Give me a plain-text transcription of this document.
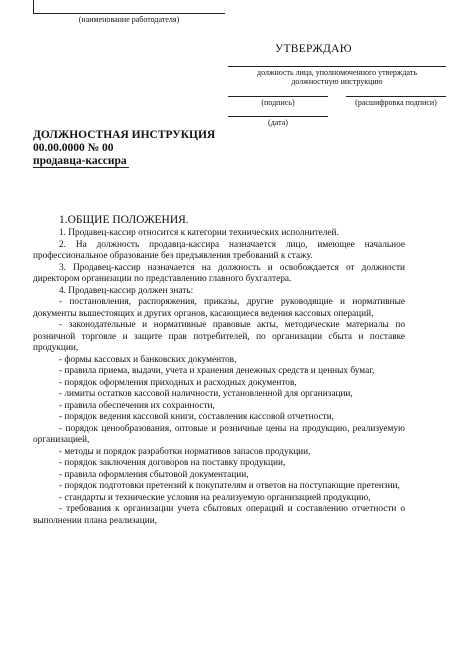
(наименование работодателя)
УТВЕРЖДАЮ
должность лица, уполномоченного утверждать
должностную инструкцию
(подпись)	(расшифровка подписи)
(дата)
ДОЛЖНОСТНАЯ ИНСТРУКЦИЯ
00.00.0000 № 00
продавца-кассира
1.ОБЩИЕ ПОЛОЖЕНИЯ.

1. Продавец-кассир относится к категории технических исполнителей.

2. На должность продавца-кассира назначается лицо, имеющее начальное профессиональное образование без предъявления требований к стажу.

3. Продавец-кассир назначается на должность и освобождается от должности директором организации по представлению главного бухгалтера.

4. Продавец-кассир должен знать:

- постановления, распоряжения, приказы, другие руководящие и нормативные документы вышестоящих и других органов, касающиеся ведения кассовых операций,

- законодательные и нормативные правовые акты, методические материалы по розничной торговле и защите прав потребителей, по организации сбыта и поставке продукции,

- формы кассовых и банковских документов,

- правила приема, выдачи, учета и хранения денежных средств и ценных бумаг,

- порядок оформления приходных и расходных документов,

- лимиты остатков кассовой наличности, установленной для организации,

- правила обеспечения их сохранности,

- порядок ведения кассовой книги, составления кассовой отчетности,

- порядок ценообразования, оптовые и розничные цены на продукцию, реализуемую организацией,

- методы и порядок разработки нормативов запасов продукции,

- порядок заключения договоров на поставку продукции,

- правила оформления сбытовой документации,

- порядок подготовки претензий к покупателям и ответов на поступающие претензии,

- стандарты и технические условия на реализуемую организацией продукцию,

- требования к организации учета сбытовых операций и составлению отчетности о выполнении плана реализации,
